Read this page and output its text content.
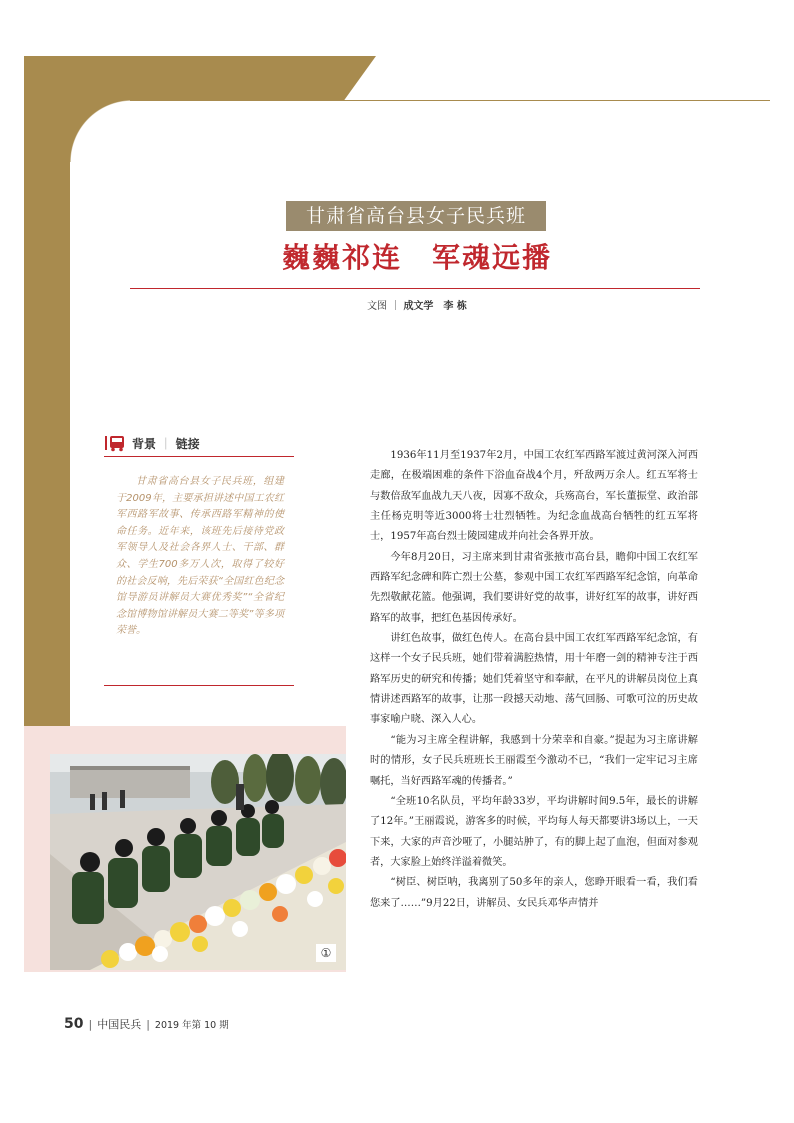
甘肃省高台县女子民兵班
巍巍祁连　军魂远播
文图 ｜ 成文学　李 栋
背景 ｜ 链接
甘肃省高台县女子民兵班，组建于2009年，主要承担讲述中国工农红军西路军故事、传承西路军精神的使命任务。近年来，该班先后接待党政军领导人及社会各界人士、干部、群众、学生700多万人次，取得了较好的社会反响，先后荣获“全国红色纪念馆导游员讲解员大赛优秀奖”“全省纪念馆博物馆讲解员大赛二等奖”等多项荣誉。

1936年11月至1937年2月，中国工农红军西路军渡过黄河深入河西走廊，在极端困难的条件下浴血奋战4个月，歼敌两万余人。红五军将士与数倍敌军血战九天八夜，因寡不敌众，兵殇高台，军长董振堂、政治部主任杨克明等近3000将士壮烈牺牲。为纪念血战高台牺牲的红五军将士，1957年高台烈士陵园建成并向社会各界开放。

今年8月20日，习主席来到甘肃省张掖市高台县，瞻仰中国工农红军西路军纪念碑和阵亡烈士公墓，参观中国工农红军西路军纪念馆，向革命先烈敬献花篮。他强调，我们要讲好党的故事，讲好红军的故事，讲好西路军的故事，把红色基因传承好。

讲红色故事，做红色传人。在高台县中国工农红军西路军纪念馆，有这样一个女子民兵班，她们带着满腔热情，用十年磨一剑的精神专注于西路军历史的研究和传播；她们凭着坚守和奉献，在平凡的讲解员岗位上真情讲述西路军的故事，让那一段撼天动地、荡气回肠、可歌可泣的历史故事家喻户晓、深入人心。

“能为习主席全程讲解，我感到十分荣幸和自豪。”提起为习主席讲解时的情形，女子民兵班班长王丽霞至今激动不已，“我们一定牢记习主席嘱托，当好西路军魂的传播者。”

“全班10名队员，平均年龄33岁，平均讲解时间9.5年，最长的讲解了12年。”王丽霞说，游客多的时候，平均每人每天都要讲3场以上，一天下来，大家的声音沙哑了，小腿站肿了，有的脚上起了血泡，但面对参观者，大家脸上始终洋溢着微笑。

“树臣、树臣呐，我离别了50多年的亲人，您睁开眼看一看，我们看您来了……”9月22日，讲解员、女民兵邓华声情并

①
50 | 中国民兵 | 2019 年第 10 期
